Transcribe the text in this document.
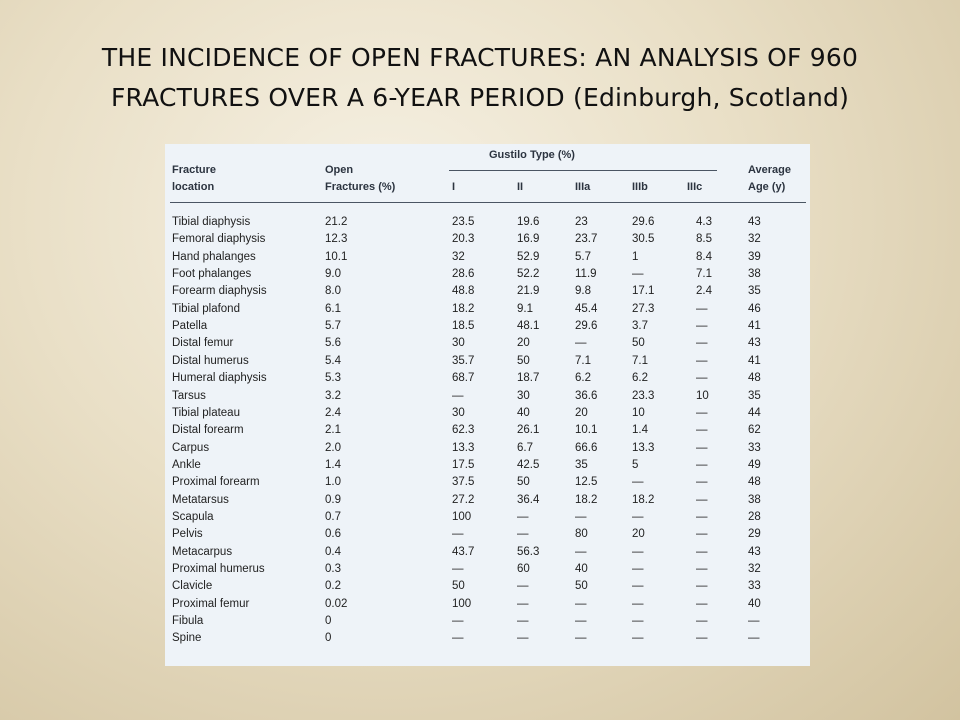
THE INCIDENCE OF OPEN FRACTURES: AN ANALYSIS OF 960
FRACTURES OVER A 6-YEAR PERIOD (Edinburgh, Scotland)
Fracture
location
Open
Fractures (%)
Gustilo Type (%)
I	II	IIIa	IIIb	IIIc
Average
Age (y)
Tibial diaphysis	21.2	23.5	19.6	23	29.6	4.3	43
Femoral diaphysis	12.3	20.3	16.9	23.7	30.5	8.5	32
Hand phalanges	10.1	32	52.9	5.7	1	8.4	39
Foot phalanges	9.0	28.6	52.2	11.9	—	7.1	38
Forearm diaphysis	8.0	48.8	21.9	9.8	17.1	2.4	35
Tibial plafond	6.1	18.2	9.1	45.4	27.3	—	46
Patella	5.7	18.5	48.1	29.6	3.7	—	41
Distal femur	5.6	30	20	—	50	—	43
Distal humerus	5.4	35.7	50	7.1	7.1	—	41
Humeral diaphysis	5.3	68.7	18.7	6.2	6.2	—	48
Tarsus	3.2	—	30	36.6	23.3	10	35
Tibial plateau	2.4	30	40	20	10	—	44
Distal forearm	2.1	62.3	26.1	10.1	1.4	—	62
Carpus	2.0	13.3	6.7	66.6	13.3	—	33
Ankle	1.4	17.5	42.5	35	5	—	49
Proximal forearm	1.0	37.5	50	12.5	—	—	48
Metatarsus	0.9	27.2	36.4	18.2	18.2	—	38
Scapula	0.7	100	—	—	—	—	28
Pelvis	0.6	—	—	80	20	—	29
Metacarpus	0.4	43.7	56.3	—	—	—	43
Proximal humerus	0.3	—	60	40	—	—	32
Clavicle	0.2	50	—	50	—	—	33
Proximal femur	0.02	100	—	—	—	—	40
Fibula	0	—	—	—	—	—	—
Spine	0	—	—	—	—	—	—
